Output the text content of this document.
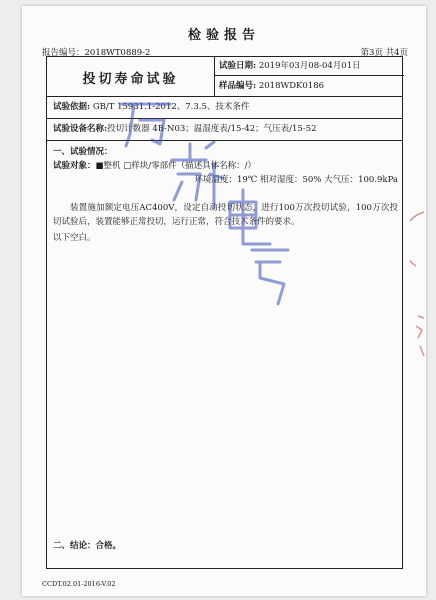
检验报告
报告编号：2018WT0889-2	第3页 共4页
投切寿命试验
试验日期: 2019年03月08-04月01日
样品编号: 2018WDK0186
试验依据: GB/T 15931.1-2012、7.3.5、技术条件
试验设备名称:投切计数器 4B-N03；温湿度表/15-42；气压表/15-52
一、试验情况：
试验对象：■整机 □样块/零部件（描述具体名称：/）
环境温度：19℃ 相对湿度：50% 大气压：100.9kPa
装置施加额定电压AC400V，设定自动投切状态，进行100万次投切试验，100万次投切试验后，装置能够正常投切，运行正常，符合技术条件的要求。
以下空白。
二、结论：合格。
CCDT.02.01-2016-V.02
